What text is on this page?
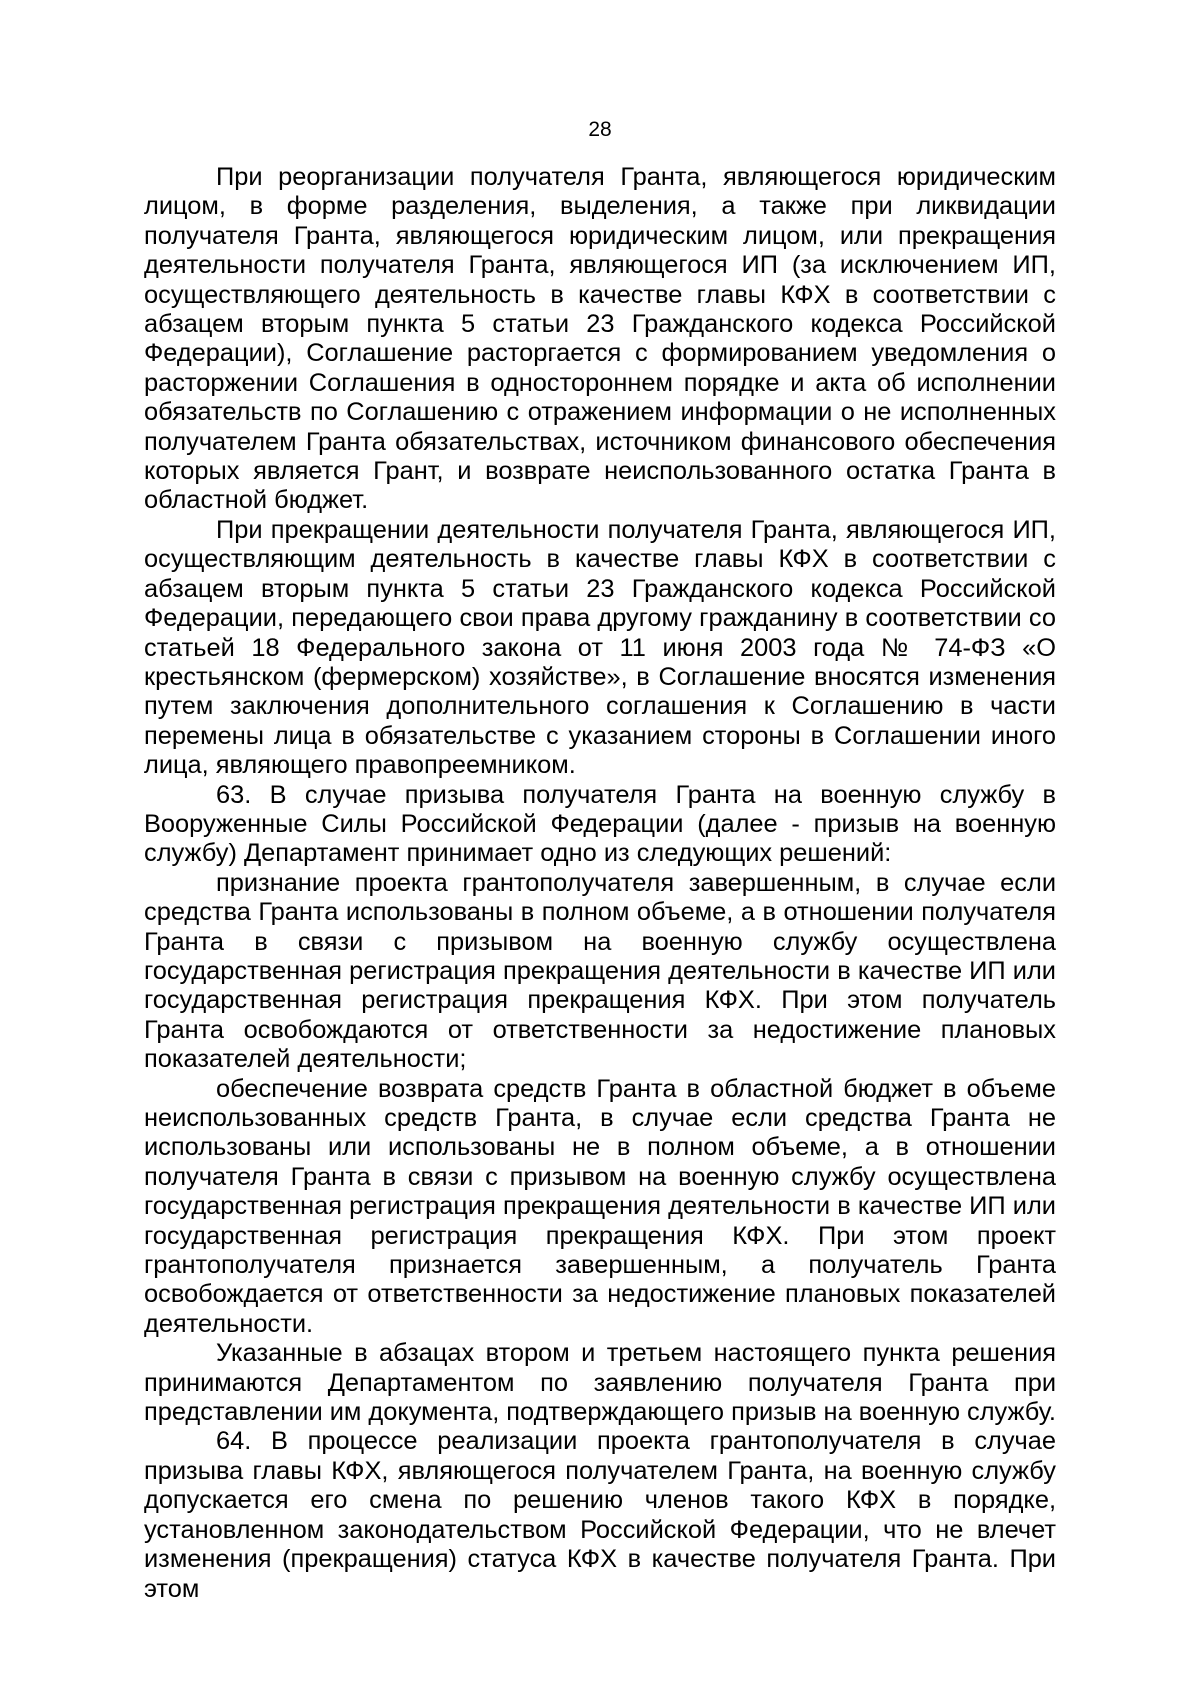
28

При реорганизации получателя Гранта, являющегося юридическим лицом, в форме разделения, выделения, а также при ликвидации получателя Гранта, являющегося юридическим лицом, или прекращения деятельности получателя Гранта, являющегося ИП (за исключением ИП, осуществляющего деятельность в качестве главы КФХ в соответствии с абзацем вторым пункта 5 статьи 23 Гражданского кодекса Российской Федерации), Соглашение расторгается с формированием уведомления о расторжении Соглашения в одностороннем порядке и акта об исполнении обязательств по Соглашению с отражением информации о не исполненных получателем Гранта обязательствах, источником финансового обеспечения которых является Грант, и возврате неиспользованного остатка Гранта в областной бюджет.

При прекращении деятельности получателя Гранта, являющегося ИП, осуществляющим деятельность в качестве главы КФХ в соответствии с абзацем вторым пункта 5 статьи 23 Гражданского кодекса Российской Федерации, передающего свои права другому гражданину в соответствии со статьей 18 Федерального закона от 11 июня 2003 года № 74-ФЗ «О крестьянском (фермерском) хозяйстве», в Соглашение вносятся изменения путем заключения дополнительного соглашения к Соглашению в части перемены лица в обязательстве с указанием стороны в Соглашении иного лица, являющего правопреемником.

63. В случае призыва получателя Гранта на военную службу в Вооруженные Силы Российской Федерации (далее - призыв на военную службу) Департамент принимает одно из следующих решений:

признание проекта грантополучателя завершенным, в случае если средства Гранта использованы в полном объеме, а в отношении получателя Гранта в связи с призывом на военную службу осуществлена государственная регистрация прекращения деятельности в качестве ИП или государственная регистрация прекращения КФХ. При этом получатель Гранта освобождаются от ответственности за недостижение плановых показателей деятельности;

обеспечение возврата средств Гранта в областной бюджет в объеме неиспользованных средств Гранта, в случае если средства Гранта не использованы или использованы не в полном объеме, а в отношении получателя Гранта в связи с призывом на военную службу осуществлена государственная регистрация прекращения деятельности в качестве ИП или государственная регистрация прекращения КФХ. При этом проект грантополучателя признается завершенным, а получатель Гранта освобождается от ответственности за недостижение плановых показателей деятельности.

Указанные в абзацах втором и третьем настоящего пункта решения принимаются Департаментом по заявлению получателя Гранта при представлении им документа, подтверждающего призыв на военную службу.

64. В процессе реализации проекта грантополучателя в случае призыва главы КФХ, являющегося получателем Гранта, на военную службу допускается его смена по решению членов такого КФХ в порядке, установленном законодательством Российской Федерации, что не влечет изменения (прекращения) статуса КФХ в качестве получателя Гранта. При этом
